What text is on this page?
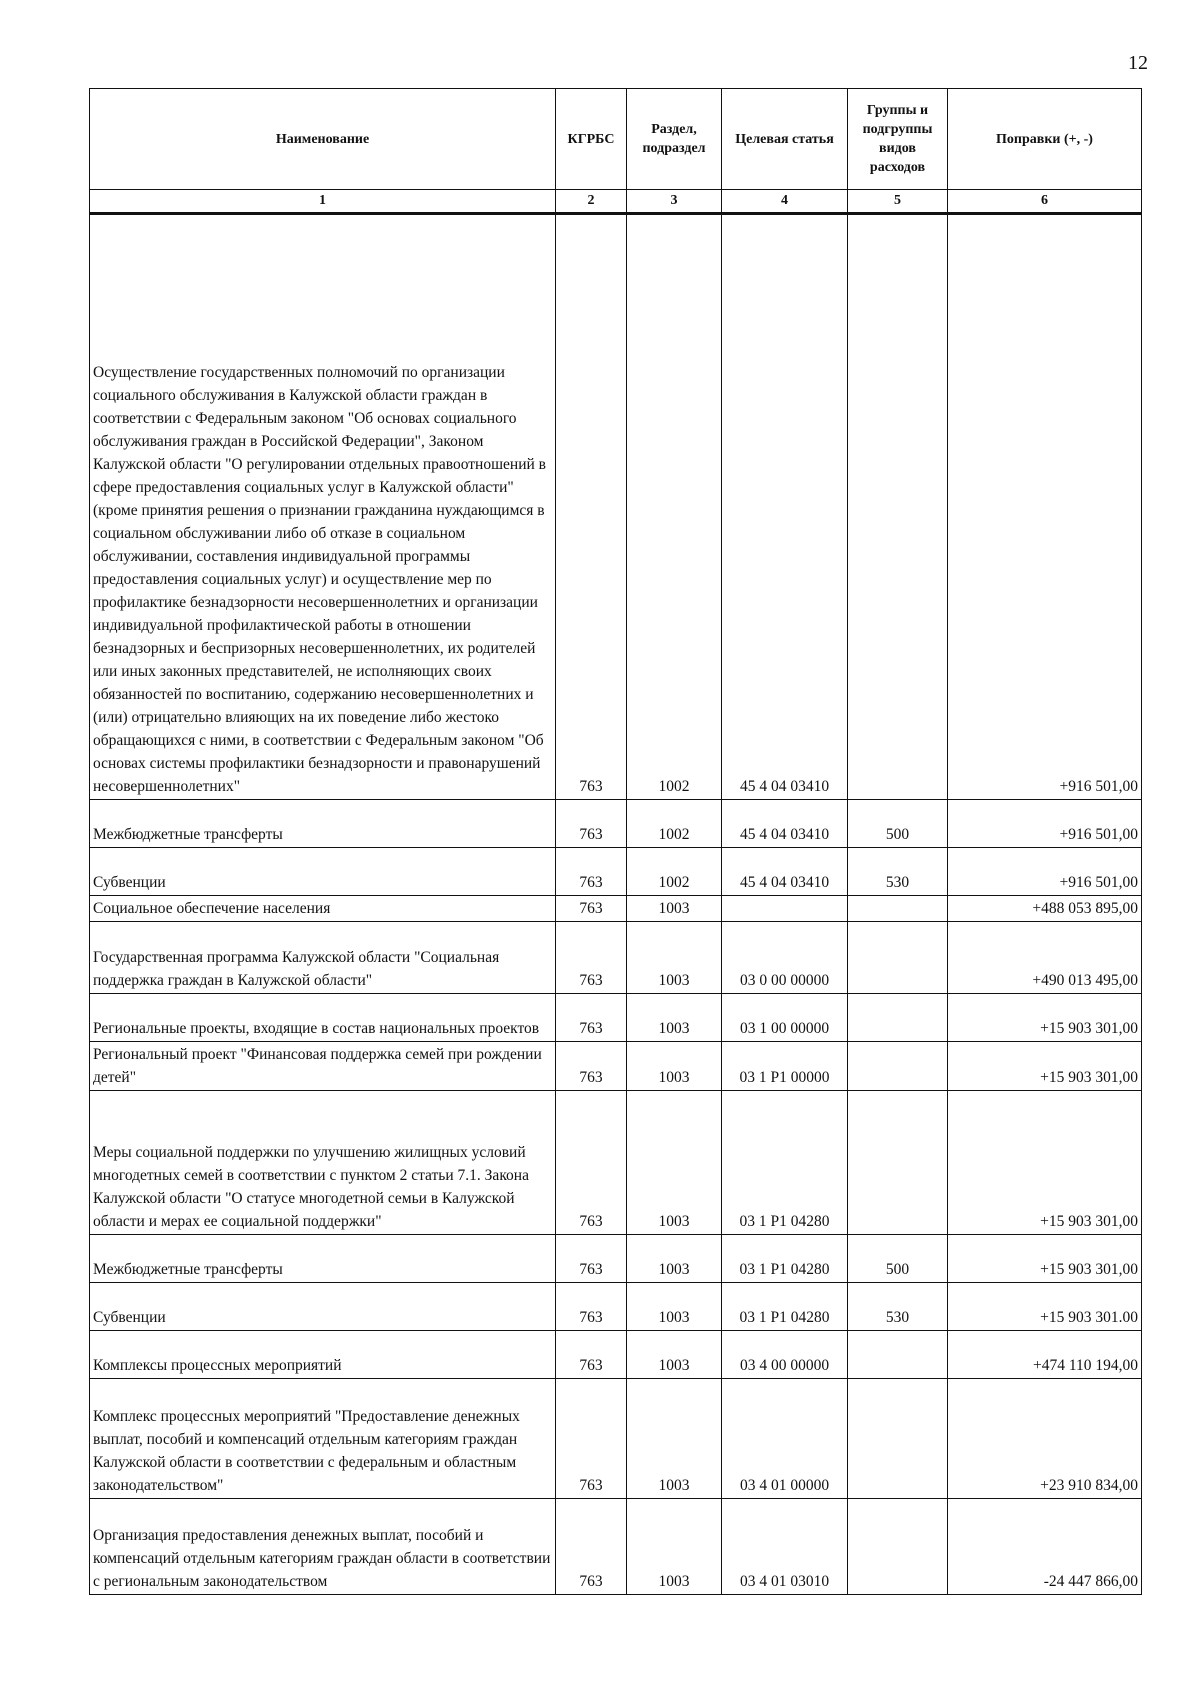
12
Наименование	КГРБС	Раздел, подраздел	Целевая статья	Группы и подгруппы видов расходов	Поправки (+, -)
1	2	3	4	5	6
Осуществление государственных полномочий по организации социального обслуживания в Калужской области граждан в соответствии с Федеральным законом "Об основах социального обслуживания граждан в Российской Федерации", Законом Калужской области "О регулировании отдельных правоотношений в сфере предоставления социальных услуг в Калужской области" (кроме принятия решения о признании гражданина нуждающимся в социальном обслуживании либо об отказе в социальном обслуживании, составления индивидуальной программы предоставления социальных услуг) и осуществление мер по профилактике безнадзорности несовершеннолетних и организации индивидуальной профилактической работы в отношении безнадзорных и беспризорных несовершеннолетних, их родителей или иных законных представителей, не исполняющих своих обязанностей по воспитанию, содержанию несовершеннолетних и (или) отрицательно влияющих на их поведение либо жестоко обращающихся с ними, в соответствии с Федеральным законом "Об основах системы профилактики безнадзорности и правонарушений несовершеннолетних"	763	1002	45 4 04 03410		+916 501,00
Межбюджетные трансферты	763	1002	45 4 04 03410	500	+916 501,00
Субвенции	763	1002	45 4 04 03410	530	+916 501,00
Социальное обеспечение населения	763	1003			+488 053 895,00
Государственная программа Калужской области "Социальная поддержка граждан в Калужской области"	763	1003	03 0 00 00000		+490 013 495,00
Региональные проекты, входящие в состав национальных проектов	763	1003	03 1 00 00000		+15 903 301,00
Региональный проект "Финансовая поддержка семей при рождении детей"	763	1003	03 1 P1 00000		+15 903 301,00
Меры социальной поддержки по улучшению жилищных условий многодетных семей в соответствии с пунктом 2 статьи 7.1. Закона Калужской области "О статусе многодетной семьи в Калужской области и мерах ее социальной поддержки"	763	1003	03 1 P1 04280		+15 903 301,00
Межбюджетные трансферты	763	1003	03 1 P1 04280	500	+15 903 301,00
Субвенции	763	1003	03 1 P1 04280	530	+15 903 301.00
Комплексы процессных мероприятий	763	1003	03 4 00 00000		+474 110 194,00
Комплекс процессных мероприятий "Предоставление денежных выплат, пособий и компенсаций отдельным категориям граждан Калужской области в соответствии с федеральным и областным законодательством"	763	1003	03 4 01 00000		+23 910 834,00
Организация предоставления денежных выплат, пособий и компенсаций отдельным категориям граждан области в соответствии с региональным законодательством	763	1003	03 4 01 03010		-24 447 866,00
